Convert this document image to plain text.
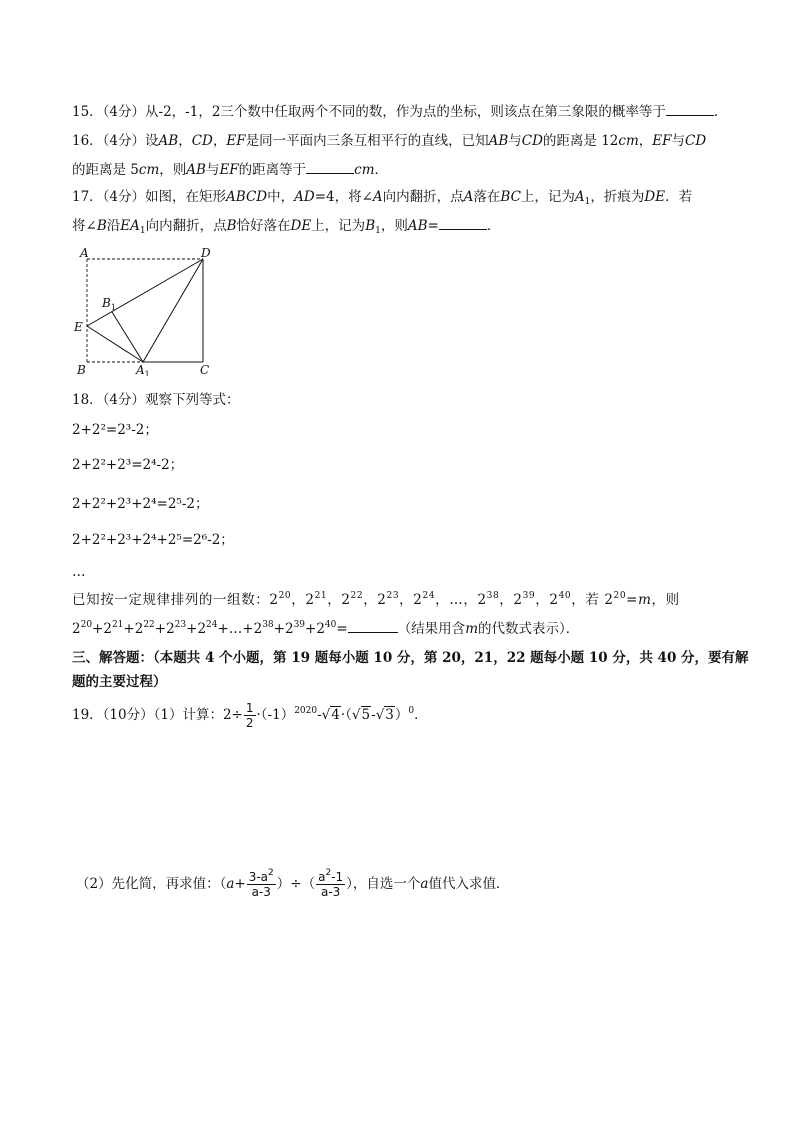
15．（4分）从-2，-1，2三个数中任取两个不同的数，作为点的坐标，则该点在第三象限的概率等于	．
16．（4分）设AB，CD，EF是同一平面内三条互相平行的直线，已知AB与CD的距离是 12cm，EF与CD
的距离是 5cm，则AB与EF的距离等于	cm．
17．（4分）如图，在矩形ABCD中，AD=4，将∠A向内翻折，点A落在BC上，记为$A_1$，折痕为DE．若
将∠B沿$EA_1$向内翻折，点B恰好落在DE上，记为$B_1$，则AB=	．
A	D
$B_1$
E
B	$A_1$	C
18．（4分）观察下列等式：
2+2²=2³-2；
2+2²+2³=2⁴-2；
2+2²+2³+2⁴=2⁵-2；
2+2²+2³+2⁴+2⁵=2⁶-2；
…
已知按一定规律排列的一组数：$2^{20}$，$2^{21}$，$2^{22}$，$2^{23}$，$2^{24}$，…，$2^{38}$，$2^{39}$，$2^{40}$，若 $2^{20}=m$，则
$2^{20}+2^{21}+2^{22}+2^{23}+2^{24}+\dots+2^{38}+2^{39}+2^{40}=$	（结果用含m的代数式表示）．
三、解答题：（本题共 4 个小题，第 19 题每小题 10 分，第 20，21，22 题每小题 10 分，共 40 分，要有解
题的主要过程）
19．（10分）（1）计算：$2\div \frac{1}{2} \cdot(-1)^{2020}-√4\cdot(√5-√3)^0$．
（2）先化简，再求值：（$a+ \frac{3-a^2}{a-3}$ ）÷（ $\frac{a^2-1}{a-3}$ ），自选一个a值代入求值．
